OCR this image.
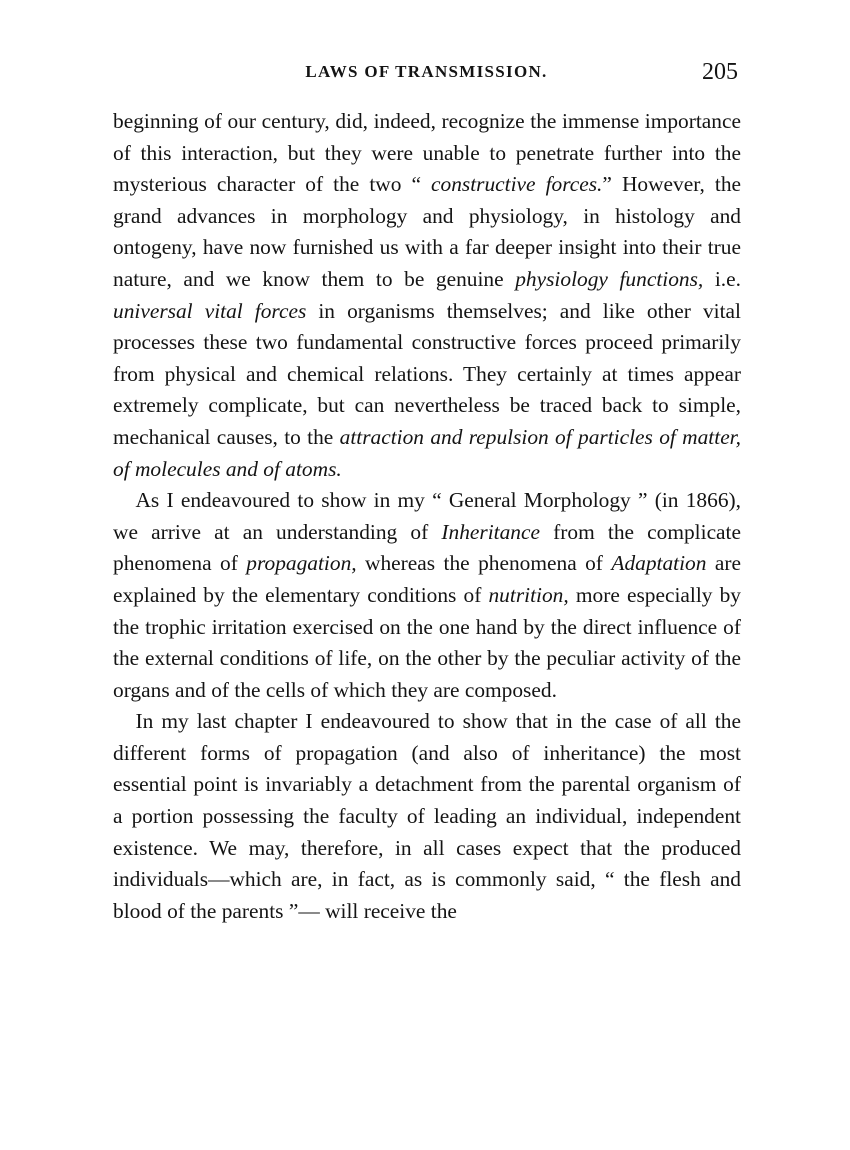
LAWS OF TRANSMISSION.	205

beginning of our century, did, indeed, recognize the immense importance of this interaction, but they were unable to penetrate further into the mysterious character of the two “ constructive forces.” However, the grand advances in morphology and physiology, in histology and ontogeny, have now furnished us with a far deeper insight into their true nature, and we know them to be genuine physiology functions, i.e. universal vital forces in organisms themselves; and like other vital processes these two fundamental constructive forces proceed primarily from physical and chemical relations. They certainly at times appear extremely complicate, but can nevertheless be traced back to simple, mechanical causes, to the attraction and repulsion of particles of matter, of molecules and of atoms.

As I endeavoured to show in my “ General Morphology ” (in 1866), we arrive at an understanding of Inheritance from the complicate phenomena of propagation, whereas the phenomena of Adaptation are explained by the elementary conditions of nutrition, more especially by the trophic irritation exercised on the one hand by the direct influence of the external conditions of life, on the other by the peculiar activity of the organs and of the cells of which they are composed.

In my last chapter I endeavoured to show that in the case of all the different forms of propagation (and also of inheritance) the most essential point is invariably a detachment from the parental organism of a portion possessing the faculty of leading an individual, independent existence. We may, therefore, in all cases expect that the produced individuals—which are, in fact, as is commonly said, “ the flesh and blood of the parents ”— will receive the
